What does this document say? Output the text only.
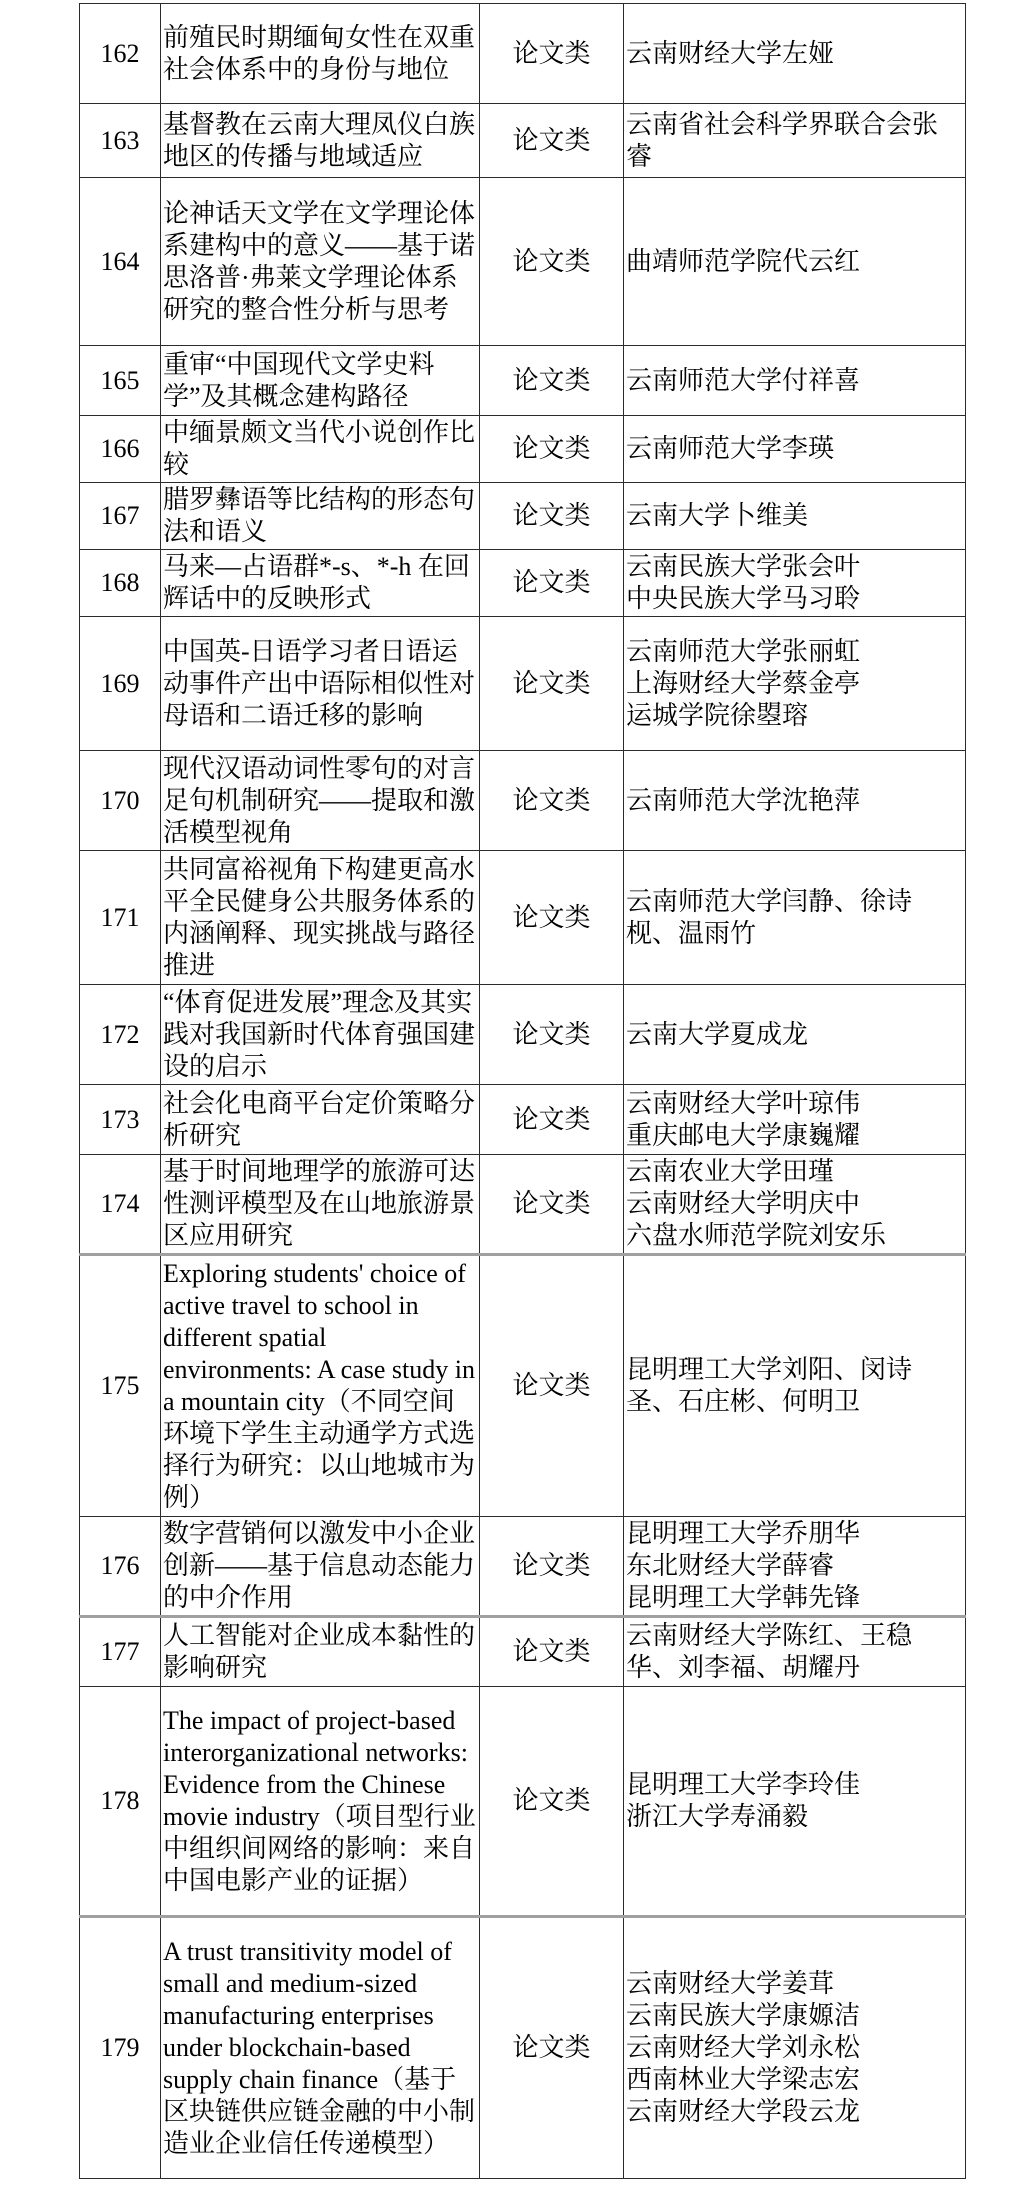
162	前殖民时期缅甸女性在双重社会体系中的身份与地位	论文类	云南财经大学左娅

163	基督教在云南大理凤仪白族地区的传播与地域适应	论文类	云南省社会科学界联合会张睿

164	论神话天文学在文学理论体系建构中的意义——基于诺思洛普·弗莱文学理论体系研究的整合性分析与思考	论文类	曲靖师范学院代云红

165	重审“中国现代文学史料学”及其概念建构路径	论文类	云南师范大学付祥喜

166	中缅景颇文当代小说创作比较	论文类	云南师范大学李瑛

167	腊罗彝语等比结构的形态句法和语义	论文类	云南大学卜维美

168	马来—占语群*-s、*-h 在回辉话中的反映形式	论文类	云南民族大学张会叶
中央民族大学马习聆

169	中国英-日语学习者日语运动事件产出中语际相似性对母语和二语迁移的影响	论文类	云南师范大学张丽虹
上海财经大学蔡金亭
运城学院徐曌瑢

170	现代汉语动词性零句的对言足句机制研究——提取和激活模型视角	论文类	云南师范大学沈艳萍

171	共同富裕视角下构建更高水平全民健身公共服务体系的内涵阐释、现实挑战与路径推进	论文类	云南师范大学闫静、徐诗枧、温雨竹

172	“体育促进发展”理念及其实践对我国新时代体育强国建设的启示	论文类	云南大学夏成龙

173	社会化电商平台定价策略分析研究	论文类	云南财经大学叶琼伟
重庆邮电大学康巍耀

174	基于时间地理学的旅游可达性测评模型及在山地旅游景区应用研究	论文类	云南农业大学田瑾
云南财经大学明庆中
六盘水师范学院刘安乐

175	Exploring students' choice of active travel to school in different spatial environments: A case study in a mountain city（不同空间环境下学生主动通学方式选择行为研究：以山地城市为例）	论文类	昆明理工大学刘阳、闵诗圣、石庄彬、何明卫

176	数字营销何以激发中小企业创新——基于信息动态能力的中介作用	论文类	昆明理工大学乔朋华
东北财经大学薛睿
昆明理工大学韩先锋

177	人工智能对企业成本黏性的影响研究	论文类	云南财经大学陈红、王稳华、刘李福、胡耀丹

178	The impact of project-based interorganizational networks: Evidence from the Chinese movie industry（项目型行业中组织间网络的影响：来自中国电影产业的证据）	论文类	昆明理工大学李玲佳
浙江大学寿涌毅

179	A trust transitivity model of small and medium-sized manufacturing enterprises under blockchain-based supply chain finance（基于区块链供应链金融的中小制造业企业信任传递模型）	论文类	云南财经大学姜茸
云南民族大学康嫄洁
云南财经大学刘永松
西南林业大学梁志宏
云南财经大学段云龙
